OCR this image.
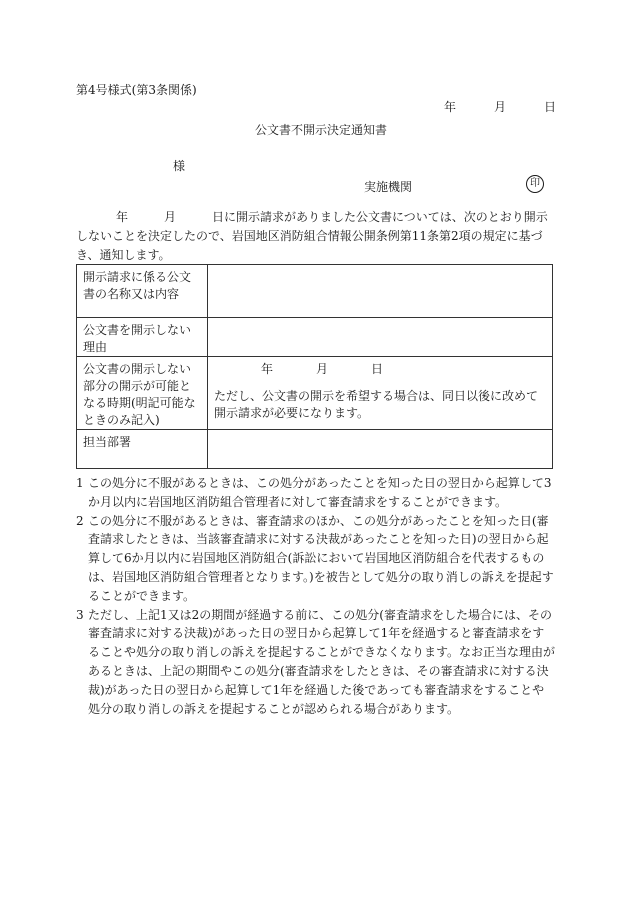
第4号様式(第3条関係)
年	月	日
公文書不開示決定通知書
様
実施機関	印
年	月	日に開示請求がありました公文書については、次のとおり開示しないことを決定したので、岩国地区消防組合情報公開条例第11条第2項の規定に基づき、通知します。
開示請求に係る公文書の名称又は内容	
公文書を開示しない理由	
公文書の開示しない部分の開示が可能となる時期(明記可能なときのみ記入)	年 月 日
ただし、公文書の開示を希望する場合は、同日以後に改めて開示請求が必要になります。
担当部署	
1 この処分に不服があるときは、この処分があったことを知った日の翌日から起算して3か月以内に岩国地区消防組合管理者に対して審査請求をすることができます。
2 この処分に不服があるときは、審査請求のほか、この処分があったことを知った日(審査請求したときは、当該審査請求に対する決裁があったことを知った日)の翌日から起算して6か月以内に岩国地区消防組合(訴訟において岩国地区消防組合を代表するものは、岩国地区消防組合管理者となります。)を被告として処分の取り消しの訴えを提起することができます。
3 ただし、上記1又は2の期間が経過する前に、この処分(審査請求をした場合には、その審査請求に対する決裁)があった日の翌日から起算して1年を経過すると審査請求をすることや処分の取り消しの訴えを提起することができなくなります。なお正当な理由があるときは、上記の期間やこの処分(審査請求をしたときは、その審査請求に対する決裁)があった日の翌日から起算して1年を経過した後であっても審査請求をすることや処分の取り消しの訴えを提起することが認められる場合があります。
